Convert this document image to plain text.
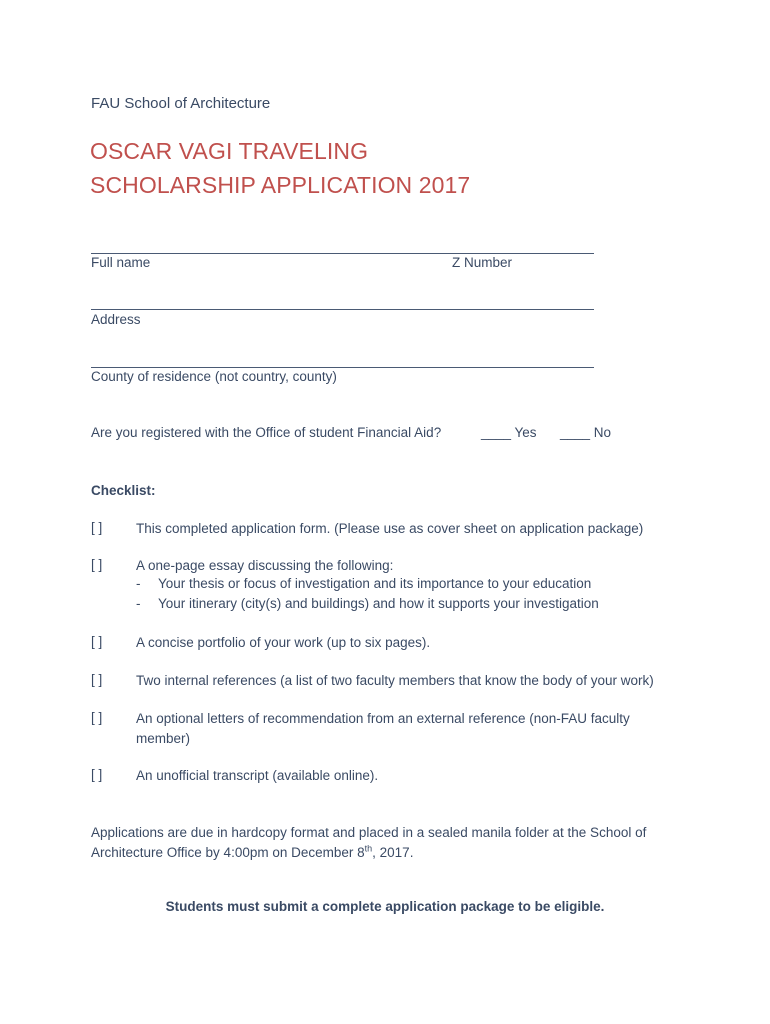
FAU School of Architecture
OSCAR VAGI TRAVELING
SCHOLARSHIP APPLICATION 2017
Full name	Z Number
Address
County of residence (not country, county)
Are you registered with the Office of student Financial Aid?	____ Yes ____ No
Checklist:
[ ] This completed application form. (Please use as cover sheet on application package)
[ ] A one-page essay discussing the following:
- Your thesis or focus of investigation and its importance to your education
- Your itinerary (city(s) and buildings) and how it supports your investigation
[ ] A concise portfolio of your work (up to six pages).
[ ] Two internal references (a list of two faculty members that know the body of your work)
[ ] An optional letters of recommendation from an external reference (non-FAU faculty
member)
[ ] An unofficial transcript (available online).
Applications are due in hardcopy format and placed in a sealed manila folder at the School of
Architecture Office by 4:00pm on December 8th, 2017.
Students must submit a complete application package to be eligible.
